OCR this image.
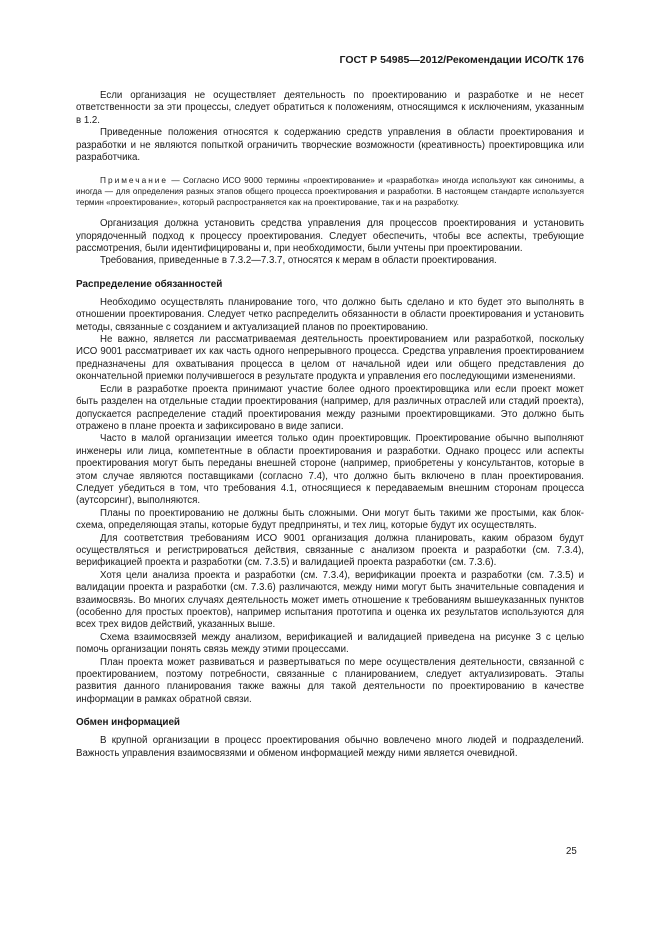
ГОСТ Р 54985—2012/Рекомендации ИСО/ТК 176

Если организация не осуществляет деятельность по проектированию и разработке и не несет ответственности за эти процессы, следует обратиться к положениям, относящимся к исключениям, указанным в 1.2.

Приведенные положения относятся к содержанию средств управления в области проектирования и разработки и не являются попыткой ограничить творческие возможности (креативность) проектировщика или разработчика.

Примечание — Согласно ИСО 9000 термины «проектирование» и «разработка» иногда используют как синонимы, а иногда — для определения разных этапов общего процесса проектирования и разработки. В настоящем стандарте используется термин «проектирование», который распространяется как на проектирование, так и на разработку.

Организация должна установить средства управления для процессов проектирования и установить упорядоченный подход к процессу проектирования. Следует обеспечить, чтобы все аспекты, требующие рассмотрения, были идентифицированы и, при необходимости, были учтены при проектировании.

Требования, приведенные в 7.3.2—7.3.7, относятся к мерам в области проектирования.

Распределение обязанностей

Необходимо осуществлять планирование того, что должно быть сделано и кто будет это выполнять в отношении проектирования. Следует четко распределить обязанности в области проектирования и установить методы, связанные с созданием и актуализацией планов по проектированию.

Не важно, является ли рассматриваемая деятельность проектированием или разработкой, поскольку ИСО 9001 рассматривает их как часть одного непрерывного процесса. Средства управления проектированием предназначены для охватывания процесса в целом от начальной идеи или общего представления до окончательной приемки получившегося в результате продукта и управления его последующими изменениями.

Если в разработке проекта принимают участие более одного проектировщика или если проект может быть разделен на отдельные стадии проектирования (например, для различных отраслей или стадий проекта), допускается распределение стадий проектирования между разными проектировщиками. Это должно быть отражено в плане проекта и зафиксировано в виде записи.

Часто в малой организации имеется только один проектировщик. Проектирование обычно выполняют инженеры или лица, компетентные в области проектирования и разработки. Однако процесс или аспекты проектирования могут быть переданы внешней стороне (например, приобретены у консультантов, которые в этом случае являются поставщиками (согласно 7.4), что должно быть включено в план проектирования. Следует убедиться в том, что требования 4.1, относящиеся к передаваемым внешним сторонам процесса (аутсорсинг), выполняются.

Планы по проектированию не должны быть сложными. Они могут быть такими же простыми, как блок-схема, определяющая этапы, которые будут предприняты, и тех лиц, которые будут их осуществлять.

Для соответствия требованиям ИСО 9001 организация должна планировать, каким образом будут осуществляться и регистрироваться действия, связанные с анализом проекта и разработки (см. 7.3.4), верификацией проекта и разработки (см. 7.3.5) и валидацией проекта разработки (см. 7.3.6).

Хотя цели анализа проекта и разработки (см. 7.3.4), верификации проекта и разработки (см. 7.3.5) и валидации проекта и разработки (см. 7.3.6) различаются, между ними могут быть значительные совпадения и взаимосвязь. Во многих случаях деятельность может иметь отношение к требованиям вышеуказанных пунктов (особенно для простых проектов), например испытания прототипа и оценка их результатов используются для всех трех видов действий, указанных выше.

Схема взаимосвязей между анализом, верификацией и валидацией приведена на рисунке 3 с целью помочь организации понять связь между этими процессами.

План проекта может развиваться и развертываться по мере осуществления деятельности, связанной с проектированием, поэтому потребности, связанные с планированием, следует актуализировать. Этапы развития данного планирования также важны для такой деятельности по проектированию в качестве информации в рамках обратной связи.

Обмен информацией

В крупной организации в процесс проектирования обычно вовлечено много людей и подразделений. Важность управления взаимосвязями и обменом информацией между ними является очевидной.

25
